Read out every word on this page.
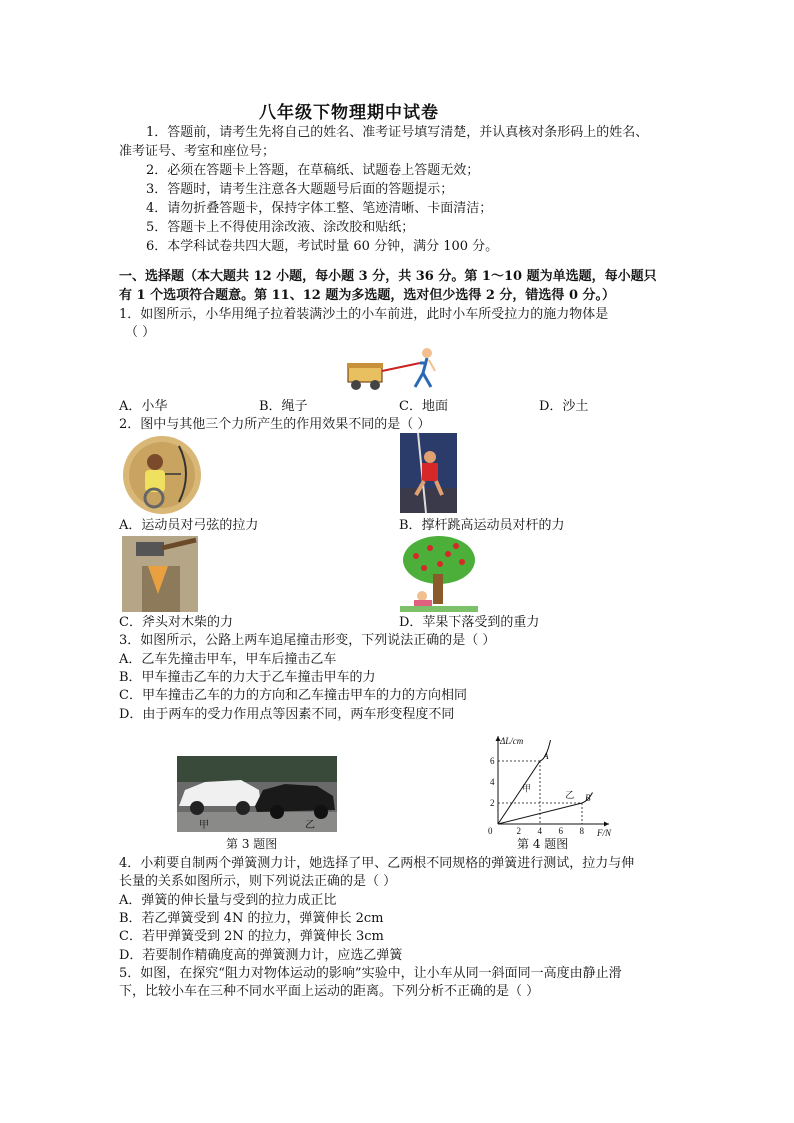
八年级下物理期中试卷
1．答题前，请考生先将自己的姓名、准考证号填写清楚，并认真核对条形码上的姓名、
准考证号、考室和座位号；
2．必须在答题卡上答题，在草稿纸、试题卷上答题无效；
3．答题时，请考生注意各大题题号后面的答题提示；
4．请勿折叠答题卡，保持字体工整、笔迹清晰、卡面清洁；
5．答题卡上不得使用涂改液、涂改胶和贴纸；
6．本学科试卷共四大题，考试时量 60 分钟，满分 100 分。
一、选择题（本大题共 12 小题，每小题 3 分，共 36 分。第 1～10 题为单选题，每小题只
有 1 个选项符合题意。第 11、12 题为多选题，选对但少选得 2 分，错选得 0 分。）
1．如图所示，小华用绳子拉着装满沙土的小车前进，此时小车所受拉力的施力物体是
（ ）
A．小华	B．绳子	C．地面	D．沙土
2．图中与其他三个力所产生的作用效果不同的是（ ）
A．运动员对弓弦的拉力	B．撑杆跳高运动员对杆的力
C．斧头对木柴的力	D．苹果下落受到的重力
3．如图所示，公路上两车追尾撞击形变，下列说法正确的是（ ）
A．乙车先撞击甲车，甲车后撞击乙车
B．甲车撞击乙车的力大于乙车撞击甲车的力
C．甲车撞击乙车的力的方向和乙车撞击甲车的力的方向相同
D．由于两车的受力作用点等因素不同，两车形变程度不同
甲	乙
第 3 题图
0	2 4 6 8
2
4
6
ΔL/cm
F/N
A
甲
B
乙
第 4 题图
4．小莉要自制两个弹簧测力计，她选择了甲、乙两根不同规格的弹簧进行测试，拉力与伸
长量的关系如图所示，则下列说法正确的是（ ）
A．弹簧的伸长量与受到的拉力成正比
B．若乙弹簧受到 4N 的拉力，弹簧伸长 2cm
C．若甲弹簧受到 2N 的拉力，弹簧伸长 3cm
D．若要制作精确度高的弹簧测力计，应选乙弹簧
5．如图，在探究“阻力对物体运动的影响”实验中，让小车从同一斜面同一高度由静止滑
下，比较小车在三种不同水平面上运动的距离。下列分析不正确的是（ ）
